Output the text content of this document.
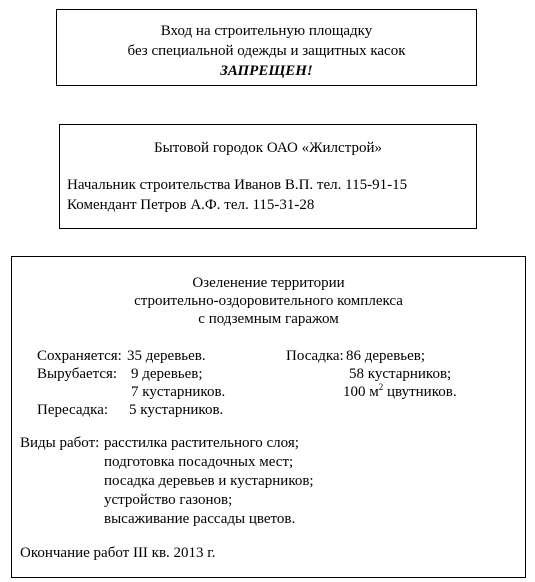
Вход на строительную площадку
без специальной одежды и защитных касок
ЗАПРЕЩЕН!
Бытовой городок ОАО «Жилстрой»
Начальник строительства Иванов В.П. тел. 115-91-15
Комендант Петров А.Ф. тел. 115-31-28
Озеленение территории
строительно-оздоровительного комплекса
с подземным гаражом
Сохраняется: 35 деревьев.
Вырубается: 9 деревьев;
7 кустарников.
Пересадка: 5 кустарников.
Посадка: 86 деревьев;
58 кустарников;
100 $м^2$ цвутников.
Виды работ: расстилка растительного слоя;
подготовка посадочных мест;
посадка деревьев и кустарников;
устройство газонов;
высаживание рассады цветов.
Окончание работ III кв. 2013 г.
